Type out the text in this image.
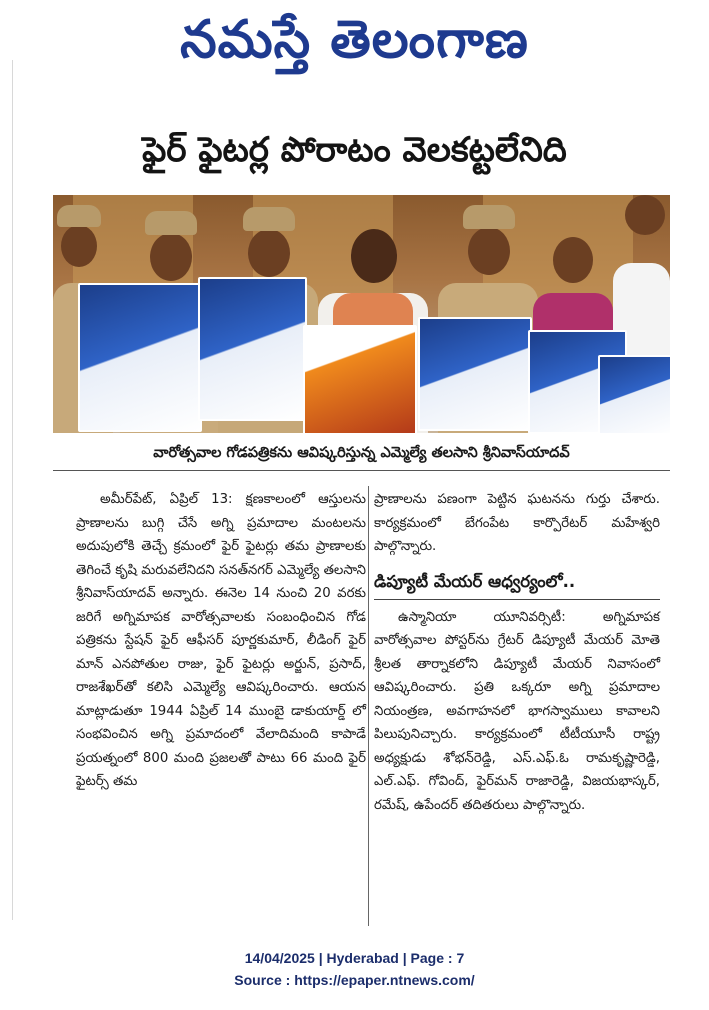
నమస్తే తెలంగాణ
ఫైర్ ఫైటర్ల పోరాటం వెలకట్టలేనిది
వారోత్సవాల గోడపత్రికను ఆవిష్కరిస్తున్న ఎమ్మెల్యే తలసాని శ్రీనివాస్‌యాదవ్
అమీర్‌పేట్, ఏప్రిల్ 13: క్షణకాలంలో ఆస్తులను ప్రాణాలను బుగ్గి చేసే అగ్ని ప్రమాదాల మంటలను అదుపులోకి తెచ్చే క్రమంలో ఫైర్ ఫైటర్లు తమ ప్రాణాలకు తెగించే కృషి మరువలేనిదని సనత్‌నగర్ ఎమ్మెల్యే తలసాని శ్రీనివాస్‌యాదవ్ అన్నారు. ఈనెల 14 నుంచి 20 వరకు జరిగే అగ్నిమాపక వారోత్సవాలకు సంబంధించిన గోడ పత్రికను స్టేషన్ ఫైర్ ఆఫీసర్ పూర్ణకుమార్, లీడింగ్ ఫైర్ మాన్ ఎనపోతుల రాజు, ఫైర్ ఫైటర్లు అర్జున్, ప్రసాద్, రాజశేఖర్‌తో కలిసి ఎమ్మెల్యే ఆవిష్కరించారు. ఆయన మాట్లాడుతూ 1944 ఏప్రిల్ 14 ముంబై డాకుయార్డ్ లో సంభవించిన అగ్ని ప్రమాదంలో వేలాదిమంది కాపాడే ప్రయత్నంలో 800 మంది ప్రజలతో పాటు 66 మంది ఫైర్ ఫైటర్స్ తమ
ప్రాణాలను పణంగా పెట్టిన ఘటనను గుర్తు చేశారు. కార్యక్రమంలో బేగంపేట కార్పొరేటర్ మహేశ్వరి పాల్గొన్నారు.
డిప్యూటీ మేయర్ ఆధ్వర్యంలో..
ఉస్మానియా యూనివర్సిటీ: అగ్నిమాపక వారోత్సవాల పోస్టర్‌ను గ్రేటర్ డిప్యూటీ మేయర్ మోతె శ్రీలత తార్నాకలోని డిప్యూటీ మేయర్ నివాసంలో ఆవిష్కరించారు. ప్రతి ఒక్కరూ అగ్ని ప్రమాదాల నియంత్రణ, అవగాహనలో భాగస్వాములు కావాలని పిలుపునిచ్చారు. కార్యక్రమంలో టీటీయూసీ రాష్ట్ర అధ్యక్షుడు శోభన్‌రెడ్డి, ఎస్.ఎఫ్.ఓ రామకృష్ణారెడ్డి, ఎల్.ఎఫ్. గోవింద్, ఫైర్‌మన్ రాజారెడ్డి, విజయభాస్కర్, రమేష్, ఉపేందర్ తదితరులు పాల్గొన్నారు.
14/04/2025 | Hyderabad | Page : 7
Source : https://epaper.ntnews.com/
